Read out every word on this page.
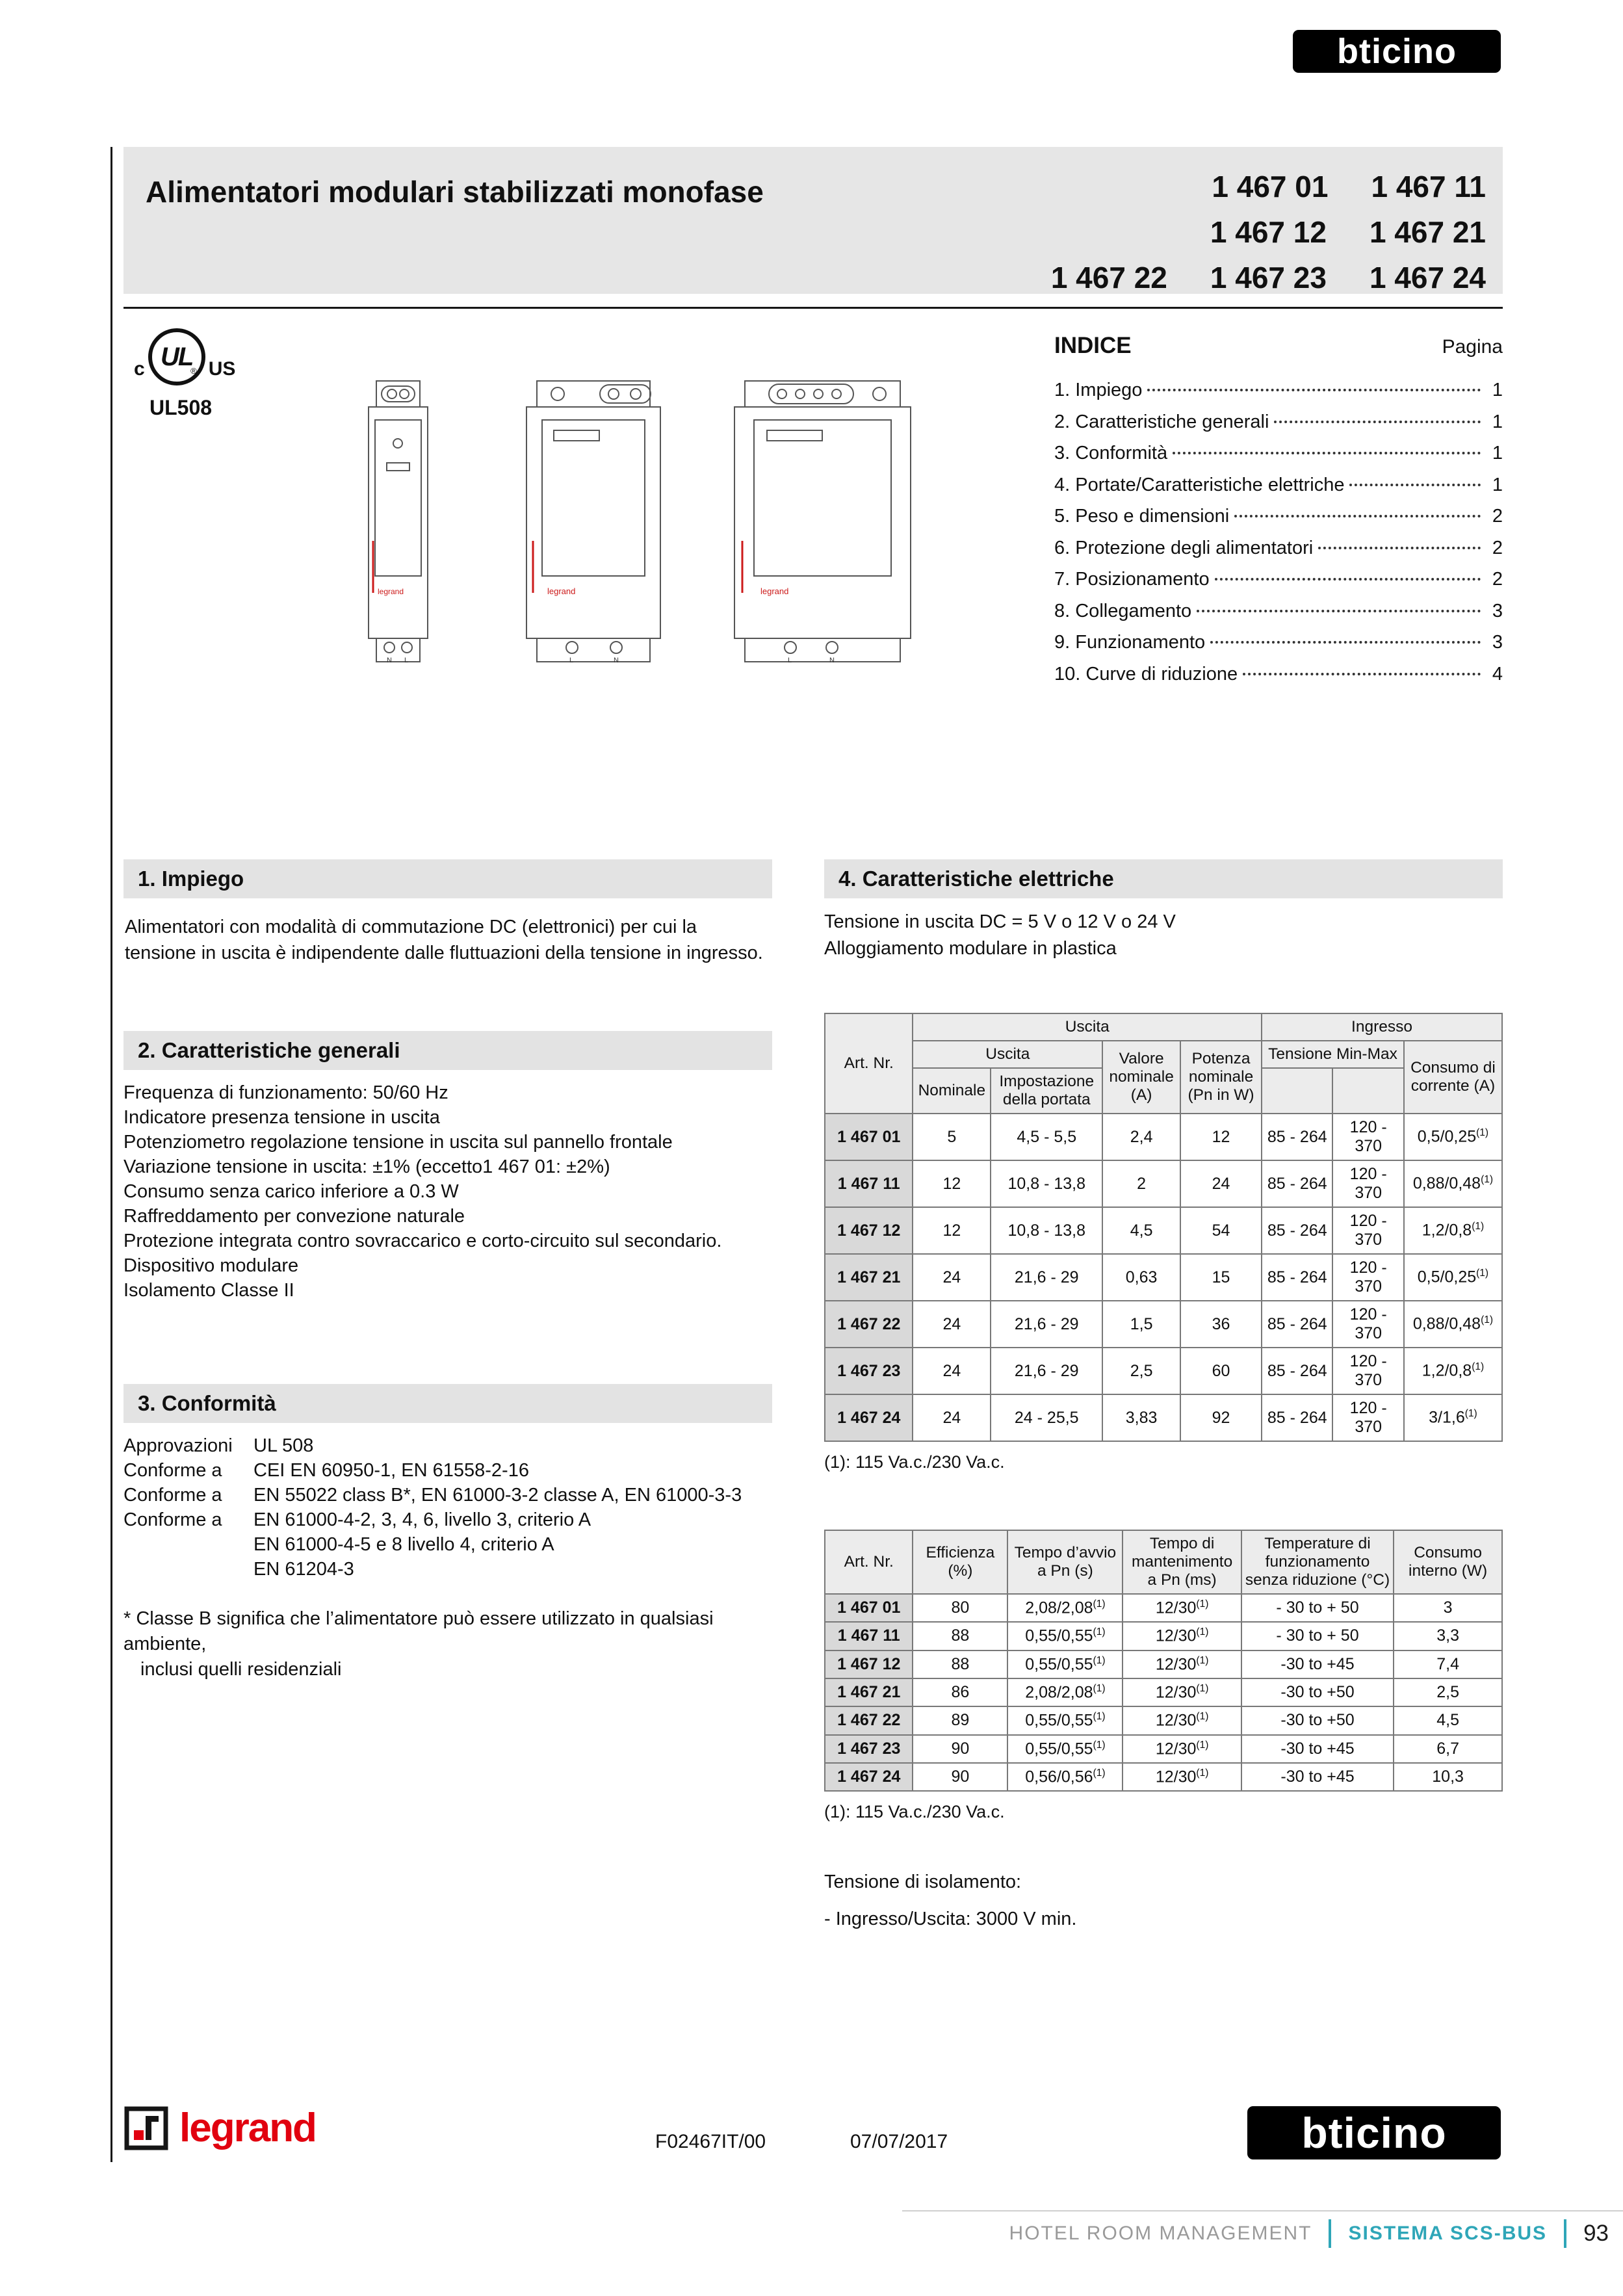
bticino
Alimentatori modulari stabilizzati monofase	1 467 01 1 467 11
1 467 12 1 467 21
1 467 22 1 467 23 1 467 24
c UL
® US
UL508
legrand
N L
legrand
L	N
legrand
L	N
INDICE	Pagina
1. Impiego	1
2. Caratteristiche generali	1
3. Conformità	1
4. Portate/Caratteristiche elettriche	1
5. Peso e dimensioni	2
6. Protezione degli alimentatori	2
7. Posizionamento	2
8. Collegamento	3
9. Funzionamento	3
10. Curve di riduzione	4
1. Impiego

Alimentatori con modalità di commutazione DC (elettronici) per cui la tensione in uscita è indipendente dalle fluttuazioni della tensione in ingresso.

2. Caratteristiche generali
Frequenza di funzionamento: 50/60 Hz
Indicatore presenza tensione in uscita
Potenziometro regolazione tensione in uscita sul pannello frontale
Variazione tensione in uscita: ±1% (eccetto1 467 01: ±2%)
Consumo senza carico inferiore a 0.3 W
Raffreddamento per convezione naturale
Protezione integrata contro sovraccarico e corto-circuito sul secondario.
Dispositivo modulare
Isolamento Classe II
3. Conformità
Approvazioni	UL 508
Conforme a	CEI EN 60950-1, EN 61558-2-16
Conforme a	EN 55022 class B*, EN 61000-3-2 classe A, EN 61000-3-3
Conforme a	EN 61000-4-2, 3, 4, 6, livello 3, criterio A
EN 61000-4-5 e 8 livello 4, criterio A
EN 61204-3
* Classe B significa che l’alimentatore può essere utilizzato in qualsiasi ambiente,
inclusi quelli residenziali
4. Caratteristiche elettriche
Tensione in uscita DC = 5 V o 12 V o 24 V
Alloggiamento modulare in plastica
Art. Nr.	Uscita				Ingresso		
	Uscita		Valore nominale (A)	Potenza nominale (Pn in W)	Tensione Min-Max		Consumo di corrente (A)
	Nominale	Impostazione della portata					
1 467 01	5	4,5 - 5,5	2,4	12	85 - 264	120 - 370	0,5/0,25$^{(1)}$
1 467 11	12	10,8 - 13,8	2	24	85 - 264	120 - 370	0,88/0,48$^{(1)}$
1 467 12	12	10,8 - 13,8	4,5	54	85 - 264	120 - 370	1,2/0,8$^{(1)}$
1 467 21	24	21,6 - 29	0,63	15	85 - 264	120 - 370	0,5/0,25$^{(1)}$
1 467 22	24	21,6 - 29	1,5	36	85 - 264	120 - 370	0,88/0,48$^{(1)}$
1 467 23	24	21,6 - 29	2,5	60	85 - 264	120 - 370	1,2/0,8$^{(1)}$
1 467 24	24	24 - 25,5	3,83	92	85 - 264	120 - 370	3/1,6$^{(1)}$
(1): 115 Va.c./230 Va.c.
Art. Nr.	Efficienza (%)	Tempo d’avvio a Pn (s)	Tempo di mantenimento a Pn (ms)	Temperature di funzionamento senza riduzione (°C)	Consumo interno (W)
1 467 01	80	2,08/2,08$^{(1)}$	12/30$^{(1)}$	- 30 to + 50	3
1 467 11	88	0,55/0,55$^{(1)}$	12/30$^{(1)}$	- 30 to + 50	3,3
1 467 12	88	0,55/0,55$^{(1)}$	12/30$^{(1)}$	-30 to +45	7,4
1 467 21	86	2,08/2,08$^{(1)}$	12/30$^{(1)}$	-30 to +50	2,5
1 467 22	89	0,55/0,55$^{(1)}$	12/30$^{(1)}$	-30 to +50	4,5
1 467 23	90	0,55/0,55$^{(1)}$	12/30$^{(1)}$	-30 to +45	6,7
1 467 24	90	0,56/0,56$^{(1)}$	12/30$^{(1)}$	-30 to +45	10,3
(1): 115 Va.c./230 Va.c.
Tensione di isolamento:
- Ingresso/Uscita: 3000 V min.
legrand	F02467IT/00	07/07/2017	bticino
HOTEL ROOM MANAGEMENT SISTEMA SCS-BUS 93
